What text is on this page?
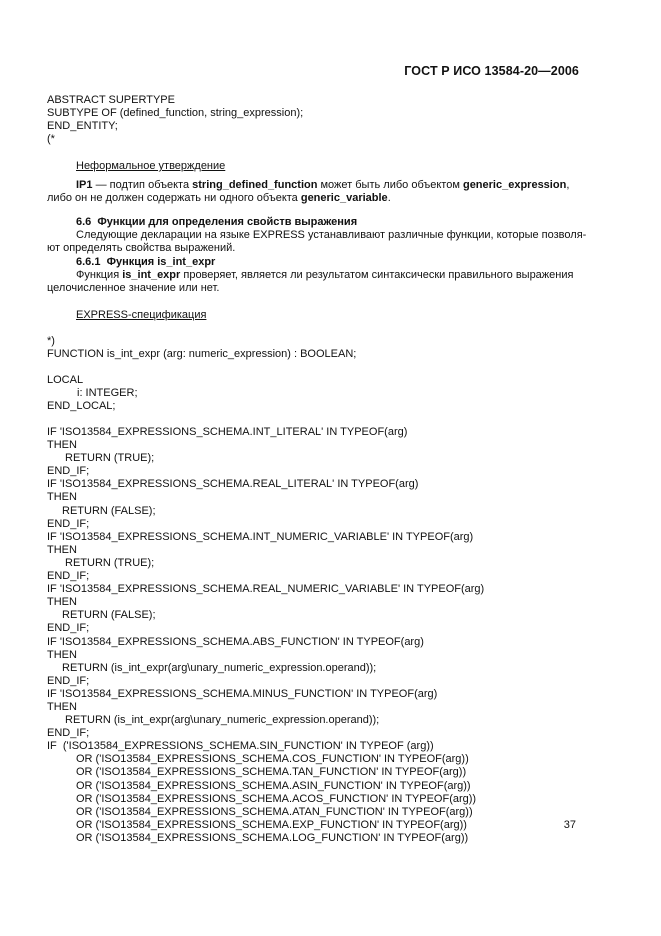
ГОСТ Р ИСО 13584-20—2006
ABSTRACT SUPERTYPE
SUBTYPE OF (defined_function, string_expression);
END_ENTITY;
(*
Неформальное утверждение
IP1 — подтип объекта string_defined_function может быть либо объектом generic_expression,
либо он не должен содержать ни одного объекта generic_variable.
6.6  Функции для определения свойств выражения
Следующие декларации на языке EXPRESS устанавливают различные функции, которые позволя-
ют определять свойства выражений.
6.6.1  Функция is_int_expr
Функция is_int_expr проверяет, является ли результатом синтаксически правильного выражения
целочисленное значение или нет.
EXPRESS-спецификация
*)
FUNCTION is_int_expr (arg: numeric_expression) : BOOLEAN;
LOCAL
i: INTEGER;
END_LOCAL;
IF 'ISO13584_EXPRESSIONS_SCHEMA.INT_LITERAL' IN TYPEOF(arg)
THEN
RETURN (TRUE);
END_IF;
IF 'ISO13584_EXPRESSIONS_SCHEMA.REAL_LITERAL' IN TYPEOF(arg)
THEN
RETURN (FALSE);
END_IF;
IF 'ISO13584_EXPRESSIONS_SCHEMA.INT_NUMERIC_VARIABLE' IN TYPEOF(arg)
THEN
RETURN (TRUE);
END_IF;
IF 'ISO13584_EXPRESSIONS_SCHEMA.REAL_NUMERIC_VARIABLE' IN TYPEOF(arg)
THEN
RETURN (FALSE);
END_IF;
IF 'ISO13584_EXPRESSIONS_SCHEMA.ABS_FUNCTION' IN TYPEOF(arg)
THEN
RETURN (is_int_expr(arg\unary_numeric_expression.operand));
END_IF;
IF 'ISO13584_EXPRESSIONS_SCHEMA.MINUS_FUNCTION' IN TYPEOF(arg)
THEN
RETURN (is_int_expr(arg\unary_numeric_expression.operand));
END_IF;
IF  ('ISO13584_EXPRESSIONS_SCHEMA.SIN_FUNCTION' IN TYPEOF (arg))
OR ('ISO13584_EXPRESSIONS_SCHEMA.COS_FUNCTION' IN TYPEOF(arg))
OR ('ISO13584_EXPRESSIONS_SCHEMA.TAN_FUNCTION' IN TYPEOF(arg))
OR ('ISO13584_EXPRESSIONS_SCHEMA.ASIN_FUNCTION' IN TYPEOF(arg))
OR ('ISO13584_EXPRESSIONS_SCHEMA.ACOS_FUNCTION' IN TYPEOF(arg))
OR ('ISO13584_EXPRESSIONS_SCHEMA.ATAN_FUNCTION' IN TYPEOF(arg))
OR ('ISO13584_EXPRESSIONS_SCHEMA.EXP_FUNCTION' IN TYPEOF(arg))
OR ('ISO13584_EXPRESSIONS_SCHEMA.LOG_FUNCTION' IN TYPEOF(arg))
37
